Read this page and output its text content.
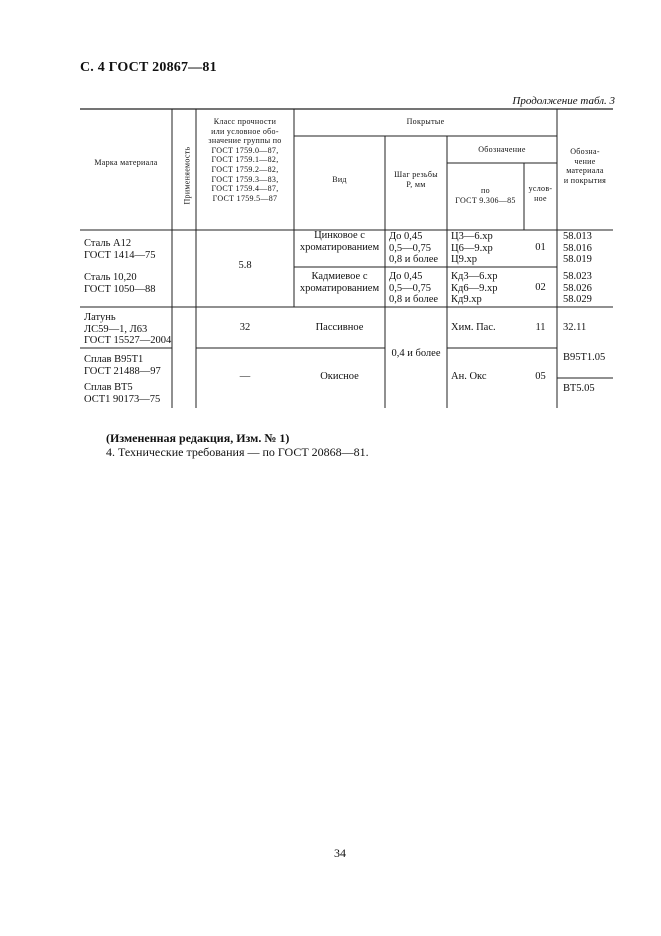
С. 4 ГОСТ 20867—81
Продолжение табл. 3
Марка материала	Применяемость
Класс прочности
или условное обо-
значение группы по
ГОСТ 1759.0—87,
ГОСТ 1759.1—82,
ГОСТ 1759.2—82,
ГОСТ 1759.3—83,
ГОСТ 1759.4—87,
ГОСТ 1759.5—87
Покрытые
Вид
Шаг резьбы
P, мм
Обозначение
по
ГОСТ 9.306—85
услов-
ное
Обозна-
чение
материала
и покрытия
Сталь А12
ГОСТ 1414—75
Сталь 10,20
ГОСТ 1050—88
Латунь
ЛС59—1, Л63
ГОСТ 15527—2004
Сплав В95Т1
ГОСТ 21488—97
Сплав ВТ5
ОСТ1 90173—75
5.8
32
—
Цинковое с
хроматированием
Кадмиевое с
хроматированием
Пассивное
Окисное
До 0,45
0,5—0,75
0,8 и более
До 0,45
0,5—0,75
0,8 и более
0,4 и более
Ц3—6.хр
Ц6—9.хр
Ц9.хр
Кд3—6.хр
Кд6—9.хр
Кд9.хр
Хим. Пас.
Ан. Окс
01
02
11
05
58.013
58.016
58.019
58.023
58.026
58.029
32.11
В95Т1.05
ВТ5.05
(Измененная редакция, Изм. № 1)
4. Технические требования — по ГОСТ 20868—81.
34
